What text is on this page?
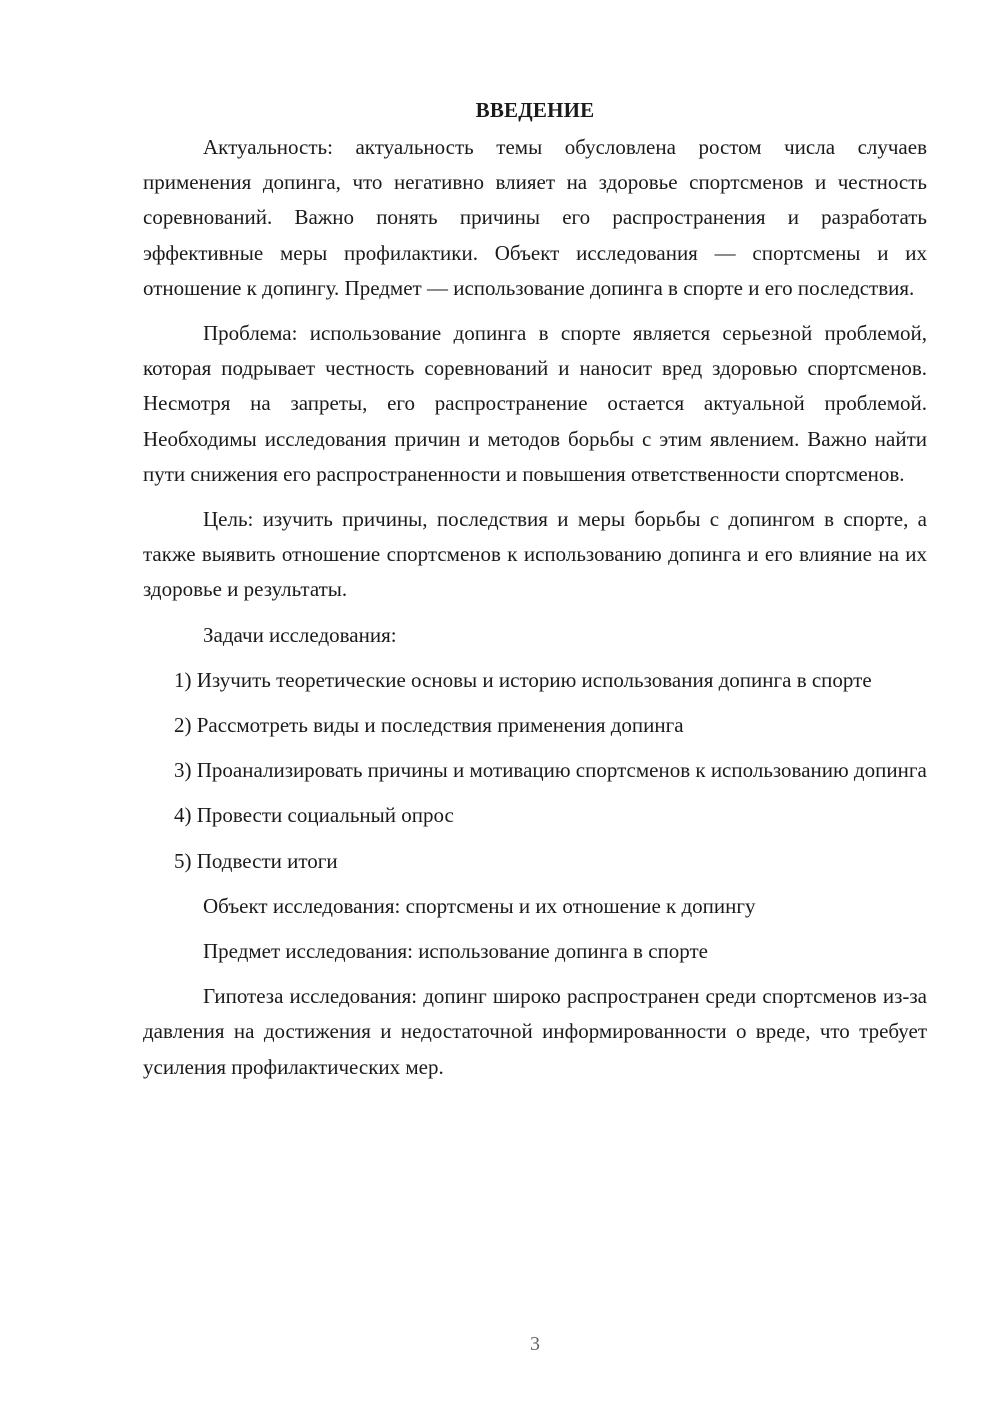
ВВЕДЕНИЕ

Актуальность: актуальность темы обусловлена ростом числа случаев применения допинга, что негативно влияет на здоровье спортсменов и честность соревнований. Важно понять причины его распространения и разработать эффективные меры профилактики. Объект исследования — спортсмены и их отношение к допингу. Предмет — использование допинга в спорте и его последствия.

Проблема: использование допинга в спорте является серьезной проблемой, которая подрывает честность соревнований и наносит вред здоровью спортсменов. Несмотря на запреты, его распространение остается актуальной проблемой. Необходимы исследования причин и методов борьбы с этим явлением. Важно найти пути снижения его распространенности и повышения ответственности спортсменов.

Цель: изучить причины, последствия и меры борьбы с допингом в спорте, а также выявить отношение спортсменов к использованию допинга и его влияние на их здоровье и результаты.

Задачи исследования:

1) Изучить теоретические основы и историю использования допинга в спорте

2) Рассмотреть виды и последствия применения допинга

3) Проанализировать причины и мотивацию спортсменов к использованию допинга

4) Провести социальный опрос

5) Подвести итоги

Объект исследования: спортсмены и их отношение к допингу

Предмет исследования: использование допинга в спорте

Гипотеза исследования: допинг широко распространен среди спортсменов из-за давления на достижения и недостаточной информированности о вреде, что требует усиления профилактических мер.

3
